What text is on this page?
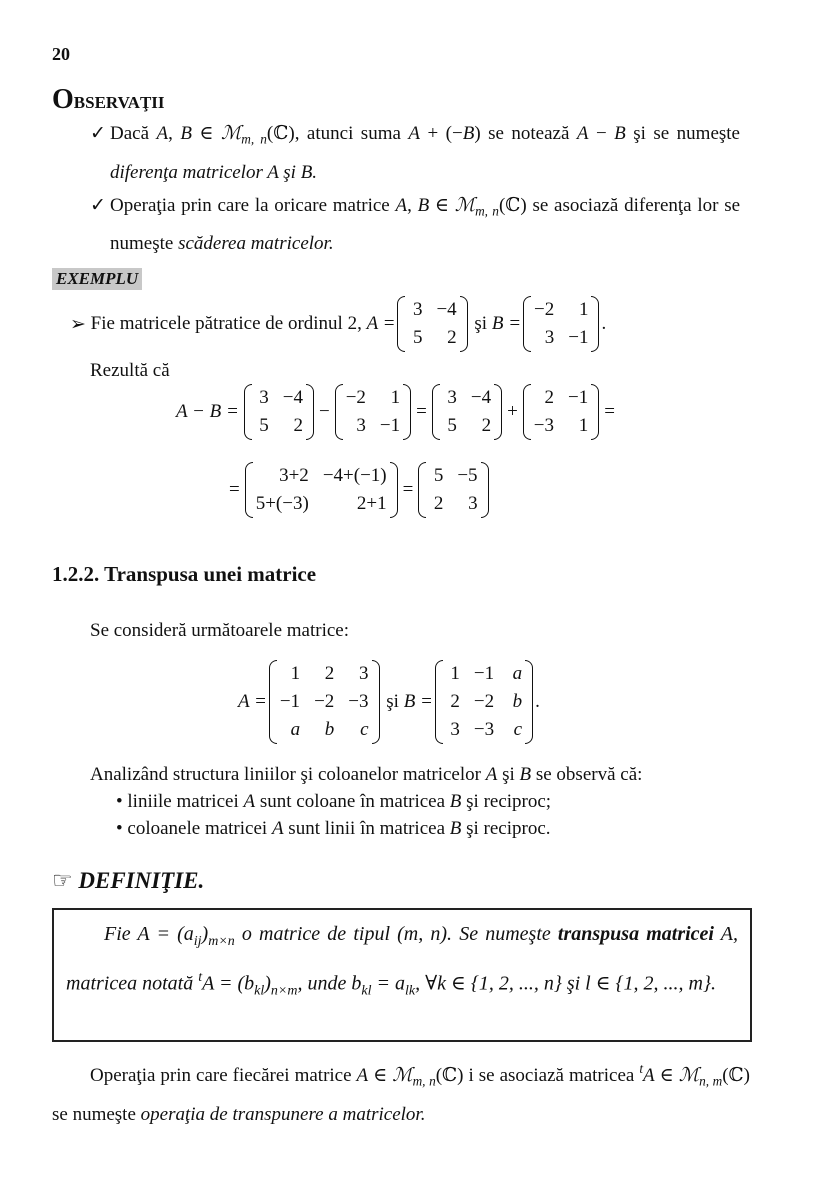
20
OBSERVAŢII
✓ Dacă A, B ∈ ℳ$_{m, n}$(ℂ), atunci suma A + (−B) se notează A − B şi se numeşte diferenţa matricelor A şi B.
✓ Operaţia prin care la oricare matrice A, B ∈ ℳ$_{m, n}$(ℂ) se asociază diferenţa lor se numeşte scăderea matricelor.
EXEMPLU
➢ Fie matricele pătratice de ordinul 2, A =
3 −4
5	2
şi B =
−2	1
3 −1
.
Rezultă că
A − B =
3 −4
5	2
−
−2	1
3 −1
=
3 −4
5	2
+
2 −1
−3	1
=
=
3+2 −4+(−1)
5+(−3)	2+1
=
5 −5
2	3
1.2.2. Transpusa unei matrice
Se consideră următoarele matrice:
A =
1	2	3
−1 −2 −3
a	b	c
şi B =
1 −1 a
2 −2 b
3 −3 c
.
Analizând structura liniilor şi coloanelor matricelor A şi B se observă că:
• liniile matricei A sunt coloane în matricea B şi reciproc;
• coloanele matricei A sunt linii în matricea B şi reciproc.
☞ DEFINIŢIE.
Fie $A = (a_{ij})_{m\times n}$ o matrice de tipul (m, n). Se numeşte transpusa matricei A, matricea notată $^tA = (b_{kl})_{n\times m}$, unde $b_{kl} = a_{lk}$, ∀k ∈ {1, 2, ..., n} şi l ∈ {1, 2, ..., m}.
Operaţia prin care fiecărei matrice A ∈ ℳ$_{m, n}$(ℂ) i se asociază matricea $^t$A ∈ ℳ$_{n, m}$(ℂ) se numeşte operaţia de transpunere a matricelor.
